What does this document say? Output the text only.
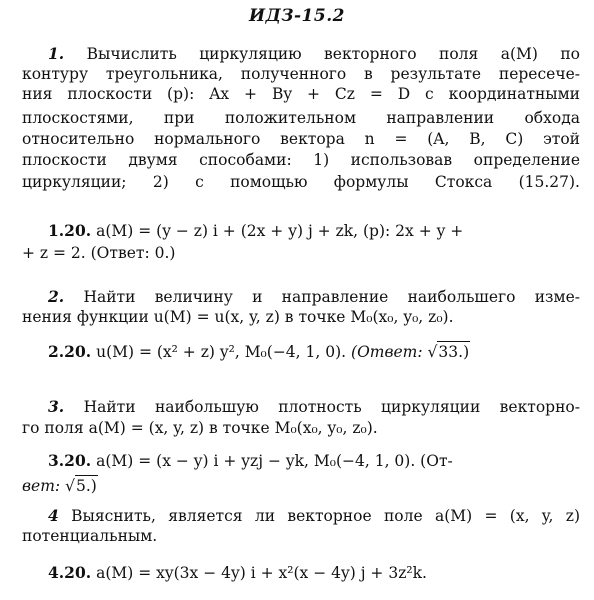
ИДЗ-15.2
1. Вычислить циркуляцию векторного поля a(M) по
контуру треугольника, полученного в результате пересече-
ния плоскости (p): Ax + By + Cz = D с координатными
плоскостями, при положительном направлении обхода
относительно нормального вектора n = (A, B, C) этой
плоскости двумя способами: 1) использовав определение
циркуляции; 2) с помощью формулы Стокса (15.27).
1.20. a(M) = (y − z) i + (2x + y) j + zk, (p): 2x + y +
+ z = 2. (Ответ: 0.)
2. Найти величину и направление наибольшего изме-
нения функции u(M) = u(x, y, z) в точке M₀(x₀, y₀, z₀).
2.20. u(M) = (x² + z) y², M₀(−4, 1, 0). (Ответ: √33.)
3. Найти наибольшую плотность циркуляции векторно-
го поля a(M) = (x, y, z) в точке M₀(x₀, y₀, z₀).
3.20. a(M) = (x − y) i + yzj − yk, M₀(−4, 1, 0). (От-
вет: √5.)
4 Выяснить, является ли векторное поле a(M) = (x, y, z)
потенциальным.
4.20. a(M) = xy(3x − 4y) i + x²(x − 4y) j + 3z²k.
